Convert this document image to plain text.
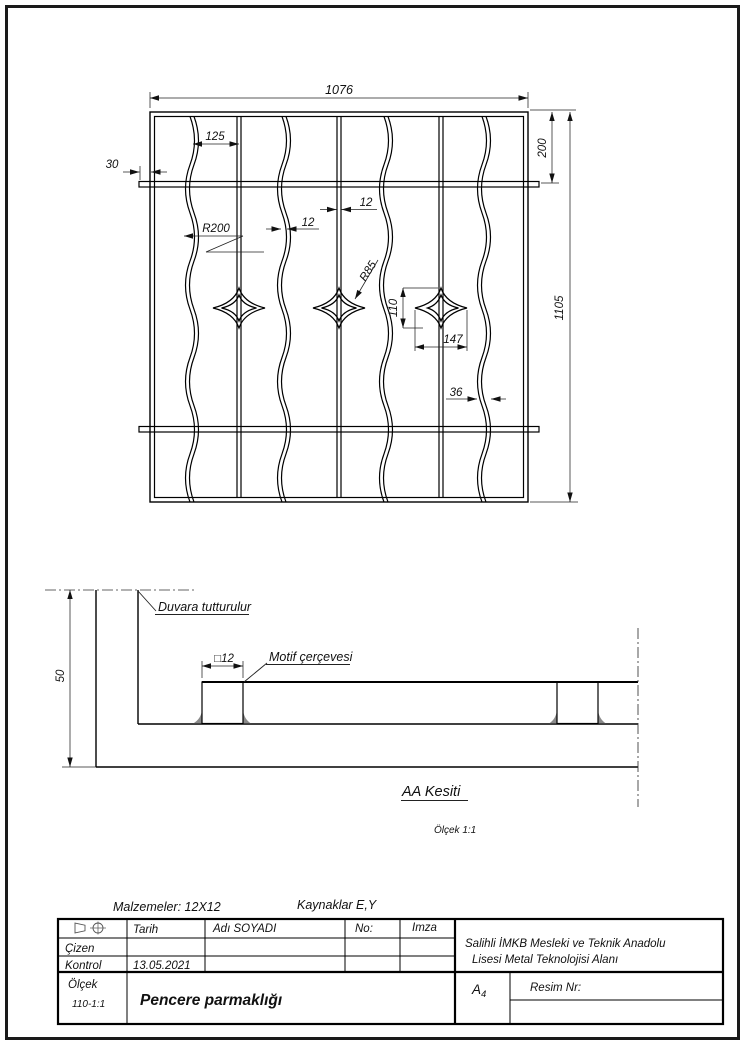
1076
125
30
200
1105
R200
12
12
R85
110
147
36
50
□12
Duvara tutturulur
Motif çerçevesi
AA Kesiti
Ölçek 1:1
Malzemeler: 12X12	Kaynaklar E,Y
Tarih	Adı SOYADI	No:	Imza
Çizen
Kontrol	13.05.2021
Ölçek
110-1:1 Pencere parmaklığı
Salihli İMKB Mesleki ve Teknik Anadolu
Lisesi Metal Teknolojisi Alanı
$A_4$
Resim Nr:
